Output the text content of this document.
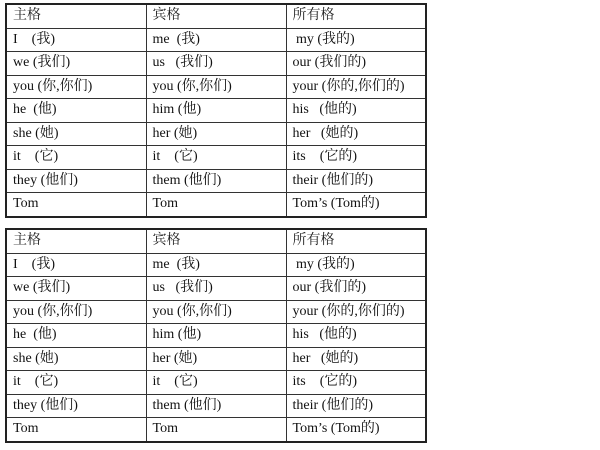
主格	宾格	所有格
I    (我)	me  (我)	my (我的)
we (我们)	us   (我们)	our (我们的)
you (你,你们)	you (你,你们)	your (你的,你们的)
he  (他)	him (他)	his   (他的)
she (她)	her (她)	her   (她的)
it    (它)	it    (它)	its    (它的)
they (他们)	them (他们)	their (他们的)
Tom	Tom	Tom’s (Tom的)
主格	宾格	所有格
I    (我)	me  (我)	my (我的)
we (我们)	us   (我们)	our (我们的)
you (你,你们)	you (你,你们)	your (你的,你们的)
he  (他)	him (他)	his   (他的)
she (她)	her (她)	her   (她的)
it    (它)	it    (它)	its    (它的)
they (他们)	them (他们)	their (他们的)
Tom	Tom	Tom’s (Tom的)
